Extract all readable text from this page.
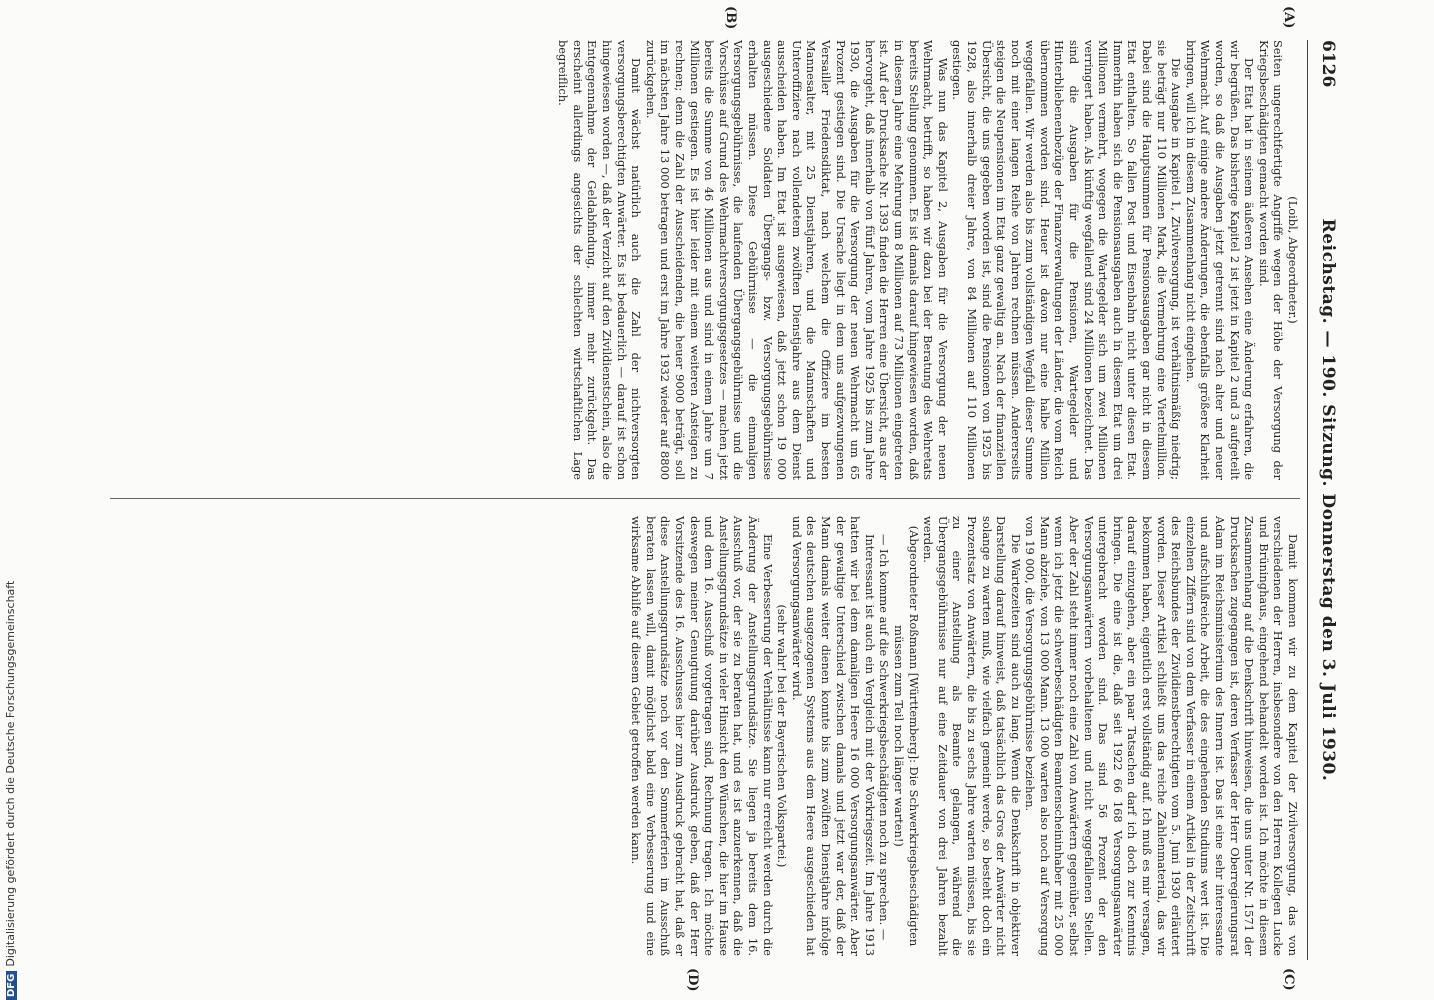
6126
Reichstag. — 190. Sitzung. Donnerstag den 3. Juli 1930.
(A)
(B)
(C)
(D)

(Loibl, Abgeordneter.)

Seiten ungerechtfertigte Angriffe wegen der Höhe der Versorgung der Kriegsbeschädigten gemacht worden sind.

Der Etat hat in seinem äußeren Ansehen eine Änderung erfahren, die wir begrüßen. Das bisherige Kapitel 2 ist jetzt in Kapitel 2 und 3 aufgeteilt worden, so daß die Ausgaben jetzt getrennt sind nach alter und neuer Wehrmacht. Auf einige andere Änderungen, die ebenfalls größere Klarheit bringen, will ich in diesem Zusammenhang nicht eingehen.

Die Ausgabe in Kapitel 1, Zivilversorgung, ist verhältnismäßig niedrig; sie beträgt nur 110 Millionen Mark, die Vermehrung eine Viertelmillion. Dabei sind die Hauptsummen für Pensionsausgaben gar nicht in diesem Etat enthalten. So fallen Post und Eisenbahn nicht unter diesen Etat. Immerhin haben sich die Pensionsausgaben auch in diesem Etat um drei Millionen vermehrt, wogegen die Wartegelder sich um zwei Millionen verringert haben. Als künftig wegfallend sind 24 Millionen bezeichnet. Das sind die Ausgaben für die Pensionen, Wartegelder und Hinterbliebenenbezüge der Finanzverwaltungen der Länder, die vom Reich übernommen worden sind. Heuer ist davon nur eine halbe Million weggefallen. Wir werden also bis zum vollständigen Wegfall dieser Summe noch mit einer langen Reihe von Jahren rechnen müssen. Andererseits steigen die Neupensionen im Etat ganz gewaltig an. Nach der finanziellen Übersicht, die uns gegeben worden ist, sind die Pensionen von 1925 bis 1928, also innerhalb dreier Jahre, von 84 Millionen auf 110 Millionen gestiegen.

Was nun das Kapitel 2, Ausgaben für die Versorgung der neuen Wehrmacht, betrifft, so haben wir dazu bei der Beratung des Wehretats bereits Stellung genommen. Es ist damals darauf hingewiesen worden, daß in diesem Jahre eine Mehrung um 8 Millionen auf 73 Millionen eingetreten ist. Auf der Drucksache Nr. 1393 finden die Herren eine Übersicht, aus der hervorgeht, daß innerhalb von fünf Jahren, vom Jahre 1925 bis zum Jahre 1930, die Ausgaben für die Versorgung der neuen Wehrmacht um 65 Prozent gestiegen sind. Die Ursache liegt in dem uns aufgezwungenen Versailler Friedensdiktat, nach welchem die Offiziere im besten Mannesalter, mit 25 Dienstjahren, und die Mannschaften und Unteroffiziere nach vollendetem zwölften Dienstjahre aus dem Dienst ausscheiden haben. Im Etat ist ausgewiesen, daß jetzt schon 19 000 ausgeschiedene Soldaten Übergangs- bzw. Versorgungsgebührnisse erhalten müssen. Diese Gebührnisse — die einmaligen Versorgungsgebührnisse, die laufenden Übergangsgebührnisse und die Vorschüsse auf Grund des Wehrmachtversorgungsgesetzes — machen jetzt bereits die Summe von 46 Millionen aus und sind in einem Jahre um 7 Millionen gestiegen. Es ist hier leider mit einem weiteren Ansteigen zu rechnen; denn die Zahl der Ausscheidenden, die heuer 9000 beträgt, soll im nächsten Jahre 13 000 betragen und erst im Jahre 1932 wieder auf 8800 zurückgehen.

Damit wächst natürlich auch die Zahl der nichtversorgten versorgungsberechtigten Anwärter. Es ist bedauerlich — darauf ist schon hingewiesen worden —, daß der Verzicht auf den Zivildienstschein, also die Entgegennahme der Geldabfindung, immer mehr zurückgeht. Das erscheint allerdings angesichts der schlechten wirtschaftlichen Lage begreiflich.

Damit kommen wir zu dem Kapitel der Zivilversorgung, das von verschiedenen der Herren, insbesondere von den Herren Kollegen Lucke und Brüninghaus, eingehend behandelt worden ist. Ich möchte in diesem Zusammenhang auf die Denkschrift hinweisen, die uns unter Nr. 1571 der Drucksachen zugegangen ist, deren Verfasser der Herr Oberregierungsrat Adam im Reichsministerium des Innern ist. Das ist eine sehr interessante und aufschlußreiche Arbeit, die des eingehenden Studiums wert ist. Die einzelnen Ziffern sind von dem Verfasser in einem Artikel in der Zeitschrift des Reichsbundes der Zivildienstberechtigten vom 5. Juni 1930 erläutert worden. Dieser Artikel schließt uns das reiche Zahlenmaterial, das wir bekommen haben, eigentlich erst vollständig auf. Ich muß es mir versagen, darauf einzugehen, aber ein paar Tatsachen darf ich doch zur Kenntnis bringen. Die eine ist die, daß seit 1922 66 168 Versorgungsanwärter untergebracht worden sind. Das sind 56 Prozent der den Versorgungsanwärtern vorbehaltenen und nicht weggefallenen Stellen. Aber der Zahl steht immer noch eine Zahl von Anwärtern gegenüber, selbst wenn ich jetzt die schwerbeschädigten Beamtenscheininhaber mit 25 000 Mann abziehe, von 13 000 Mann. 13 000 warten also noch auf Versorgung von 19 000, die Versorgungsgebührnisse beziehen.

Die Wartezeiten sind auch zu lang. Wenn die Denkschrift in objektiver Darstellung darauf hinweist, daß tatsächlich das Gros der Anwärter nicht solange zu warten muß, wie vielfach gemeint werde, so besteht doch ein Prozentsatz von Anwärtern, die bis zu sechs Jahre warten müssen, bis sie zu einer Anstellung als Beamte gelangen, während die Übergangsgebührnisse nur auf eine Zeitdauer von drei Jahren bezahlt werden.

(Abgeordneter Roßmann [Württemberg]: Die Schwerkriegsbeschädigten müssen zum Teil noch länger warten!)

— Ich komme auf die Schwerkriegsbeschädigten noch zu sprechen. —

Interessant ist auch ein Vergleich mit der Vorkriegszeit. Im Jahre 1913 hatten wir bei dem damaligen Heere 16 000 Versorgungsanwärter. Aber der gewaltige Unterschied zwischen damals und jetzt war der, daß der Mann damals weiter dienen konnte bis zum zwölften Dienstjahre infolge des deutschen ausgezogenen Systems aus dem Heere ausgeschieden hat und Versorgungsanwärter wird.

(sehr wahr! bei der Bayerischen Volkspartei.)

Eine Verbesserung der Verhältnisse kann nur erreicht werden durch die Änderung der Anstellungsgrundsätze. Sie liegen ja bereits dem 16. Ausschuß vor, der sie zu beraten hat, und es ist anzuerkennen, daß die Anstellungsgrundsätze in vieler Hinsicht den Wünschen, die hier im Hause und dem 16. Ausschuß vorgetragen sind, Rechnung tragen. Ich möchte deswegen meiner Genugtuung darüber Ausdruck geben, daß der Herr Vorsitzende des 16. Ausschusses hier zum Ausdruck gebracht hat, daß er diese Anstellungsgrundsätze noch vor den Sommerferien im Ausschuß beraten lassen will, damit möglichst bald eine Verbesserung und eine wirksame Abhilfe auf diesem Gebiet getroffen werden kann.

DFGDigitalisierung gefördert durch die Deutsche Forschungsgemeinschaft
